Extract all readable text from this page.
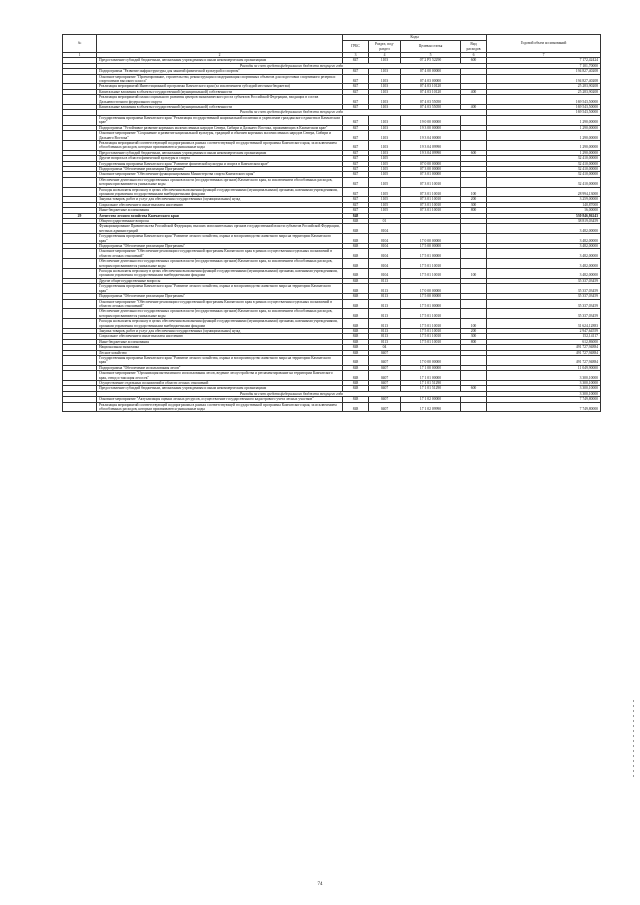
№		Коды				Годовой объем ассигнований
		ГРБС	Раздел, под-раздел	Целевая статья	Вид расходов	
1	2	3	4	5	6	7
	Предоставление субсидий бюджетным, автономным учреждениям и иным некоммерческим организациям	847	1103	07 2 Р5 52290	600	7 172,42424
	Расходы за счет средств федерального бюджета текущего года					7 101,70000
	Подпрограмма "Развитие инфраструктуры для занятий физической культурой и спортом"	847	1103	07 4 00 00000		194 827,40208
	Основное мероприятие "Проектирование, строительство, реконструкция и модернизация спортивных объектов для подготовки спортивного резерва и спортсменов высокого класса"	847	1103	07 4 03 00000		194 827,40208
	Реализация мероприятий Инвестиционной программы Камчатского края (за исключением субсидий местным бюджетам)	847	1103	07 4 03 10120		25 283,90208
	Капитальные вложения в объекты государственной (муниципальной) собственности	847	1103	07 4 03 10120	400	25 283,90208
	Реализация мероприятий плана социального развития центров экономического роста субъектов Российской Федерации, входящих в состав Дальневосточного федерального округа	847	1103	07 4 03 55050		169 543,50000
	Капитальные вложения в объекты государственной (муниципальной) собственности	847	1103	07 4 03 55050	400	169 543,50000
	Расходы за счет средств федерального бюджета текущего года					169 543,50000
	Государственная программа Камчатского края "Реализация государственной национальной политики и укрепление гражданского единства в Камчатском крае"	847	1103	19 0 00 00000		1 290,00000
	Подпрограмма "Устойчивое развитие коренных малочисленных народов Севера, Сибири и Дальнего Востока, проживающих в Камчатском крае"	847	1103	19 3 00 00000		1 290,00000
	Основное мероприятие "Сохранение и развитие национальной культуры, традиций и обычаев коренных малочисленных народов Севера, Сибири и Дальнего Востока"	847	1103	19 3 04 00000		1 290,00000
	Реализация мероприятий соответствующей подпрограммы в рамках соответствующей государственной программы Камчатского края, за исключением обособленных расходов, которым присваиваются уникальные коды	847	1103	19 3 04 09990		1 290,00000
	Предоставление субсидий бюджетным, автономным учреждениям и иным некоммерческим организациям	847	1103	19 3 04 09990	600	1 290,00000
	Другие вопросы в области физической культуры и спорта	847	1105			32 410,00000
	Государственная программа Камчатского края "Развитие физической культуры и спорта в Камчатском крае"	847	1105	07 0 00 00000		32 410,00000
	Подпрограмма "Обеспечение реализации Программы"	847	1105	07 3 00 00000		32 410,00000
	Основное мероприятие "Обеспечение функционирования Министерства спорта Камчатского края"	847	1105	07 3 01 00000		32 410,00000
	Обеспечение деятельности государственных органов власти (государственных органов) Камчатского края, за исключением обособленных расходов, которым присваиваются уникальные коды	847	1105	07 3 01 10010		32 410,00000
	Расходы на выплаты персоналу в целях обеспечения выполнения функций государственными (муниципальными) органами, казенными учреждениями, органами управления государственными внебюджетными фондами	847	1105	07 3 01 10010	100	28 994,13000
	Закупка товаров, работ и услуг для обеспечения государственных (муниципальных) нужд	847	1105	07 3 01 10010	200	3 259,00000
	Социальное обеспечение и иные выплаты населению	847	1105	07 3 01 10010	300	140,87000
	Иные бюджетные ассигнования	847	1105	07 3 01 10010	800	16,00000
29	Агентство лесного хозяйства Камчатского края	848				530 846,86243
	Общегосударственные вопросы	848	01			38 819,03459
	Функционирование Правительства Российской Федерации, высших исполнительных органов государственной власти субъектов Российской Федерации, местных администраций	848	0104			3 482,00000
	Государственная программа Камчатского края "Развитие лесного хозяйства, охрана и воспроизводство животного мира на территории Камчатского края"	848	0104	17 0 00 00000		3 482,00000
	Подпрограмма "Обеспечение реализации Программы"	848	0104	17 5 00 00000		3 482,00000
	Основное мероприятие "Обеспечение реализации государственной программы Камчатского края в рамках осуществления отдельных полномочий в области лесных отношений"	848	0104	17 5 01 00000		3 482,00000
	Обеспечение деятельности государственных органов власти (государственных органов) Камчатского края, за исключением обособленных расходов, которым присваиваются уникальные коды	848	0104	17 5 01 10010		3 482,00000
	Расходы на выплаты персоналу в целях обеспечения выполнения функций государственными (муниципальными) органами, казенными учреждениями, органами управления государственными внебюджетными фондами	848	0104	17 5 01 10010	100	3 482,00000
	Другие общегосударственные вопросы	848	0113			35 337,03459
	Государственная программа Камчатского края "Развитие лесного хозяйства, охрана и воспроизводство животного мира на территории Камчатского края"	848	0113	17 0 00 00000		35 337,03459
	Подпрограмма "Обеспечение реализации Программы"	848	0113	17 5 00 00000		35 337,03459
	Основное мероприятие "Обеспечение реализации государственной программы Камчатского края в рамках осуществления отдельных полномочий в области лесных отношений"	848	0113	17 5 01 00000		35 337,03459
	Обеспечение деятельности государственных органов власти (государственных органов) Камчатского края, за исключением обособленных расходов, которым присваиваются уникальные коды	848	0113	17 5 01 10010		35 337,03459
	Расходы на выплаты персоналу в целях обеспечения выполнения функций государственными (муниципальными) органами, казенными учреждениями, органами управления государственными внебюджетными фондами	848	0113	17 5 01 10010	100	31 624,12883
	Закупка товаров, работ и услуг для обеспечения государственных (муниципальных) нужд	848	0113	17 5 01 10010	200	2 947,64559
	Социальное обеспечение и иные выплаты населению	848	0113	17 5 01 10010	300	152,14117
	Иные бюджетные ассигнования	848	0113	17 5 01 10010	800	612,86000
	Национальная экономика	848	04			491 727,94884
	Лесное хозяйство	848	0407			491 727,94884
	Государственная программа Камчатского края "Развитие лесного хозяйства, охрана и воспроизводство животного мира на территории Камчатского края"	848	0407	17 0 00 00000		491 727,94884
	Подпрограмма "Обеспечение использования лесов"	848	0407	17 1 00 00000		11 049,90000
	Основное мероприятие "Организация интенсивного использования лесов, ведение лесоустройства и регламентирование на территории Камчатского края, отвод и таксация лесосек"	848	0407	17 1 01 00000		3 300,10000
	Осуществление отдельных полномочий в области лесных отношений	848	0407	17 1 01 51290		3 300,10000
	Предоставление субсидий бюджетным, автономным учреждениям и иным некоммерческим организациям	848	0407	17 1 01 51290	600	3 300,10000
	Расходы за счет средств федерального бюджета текущего года					3 300,10000
	Основное мероприятие "Актуализация оценки лесных ресурсов, осуществление государственного кадастрового учета лесных участков"	848	0407	17 1 02 00000		7 749,80000
	Реализация мероприятий соответствующей подпрограммы в рамках соответствующей государственной программы Камчатского края, за исключением обособленных расходов, которым присваиваются уникальные коды	848	0407	17 1 02 09990		7 749,80000
74
